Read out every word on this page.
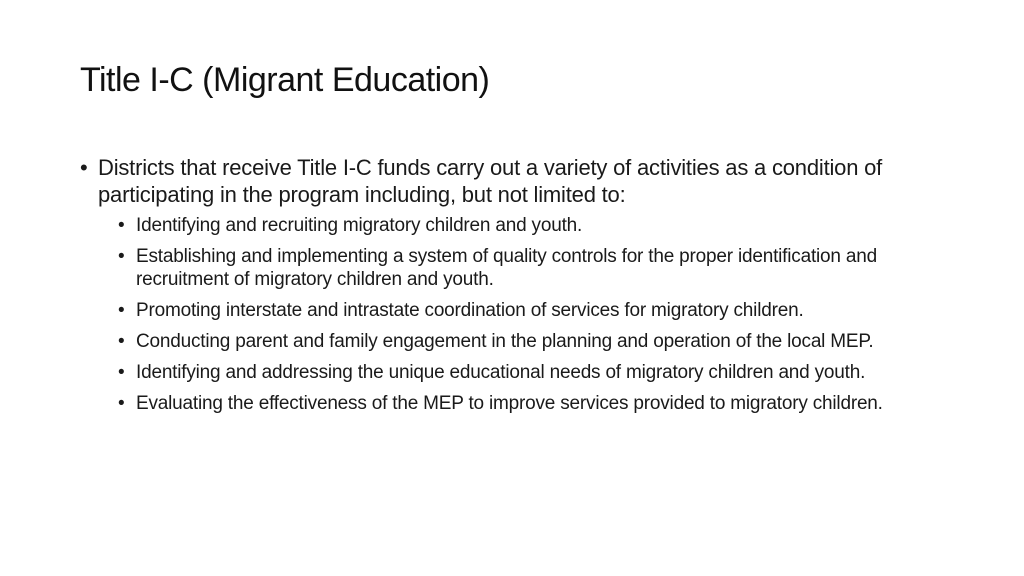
Title I-C (Migrant Education)
• Districts that receive Title I-C funds carry out a variety of activities as a condition of participating in the program including, but not limited to:
• Identifying and recruiting migratory children and youth.
• Establishing and implementing a system of quality controls for the proper identification and recruitment of migratory children and youth.
• Promoting interstate and intrastate coordination of services for migratory children.
• Conducting parent and family engagement in the planning and operation of the local MEP.
• Identifying and addressing the unique educational needs of migratory children and youth.
• Evaluating the effectiveness of the MEP to improve services provided to migratory children.
